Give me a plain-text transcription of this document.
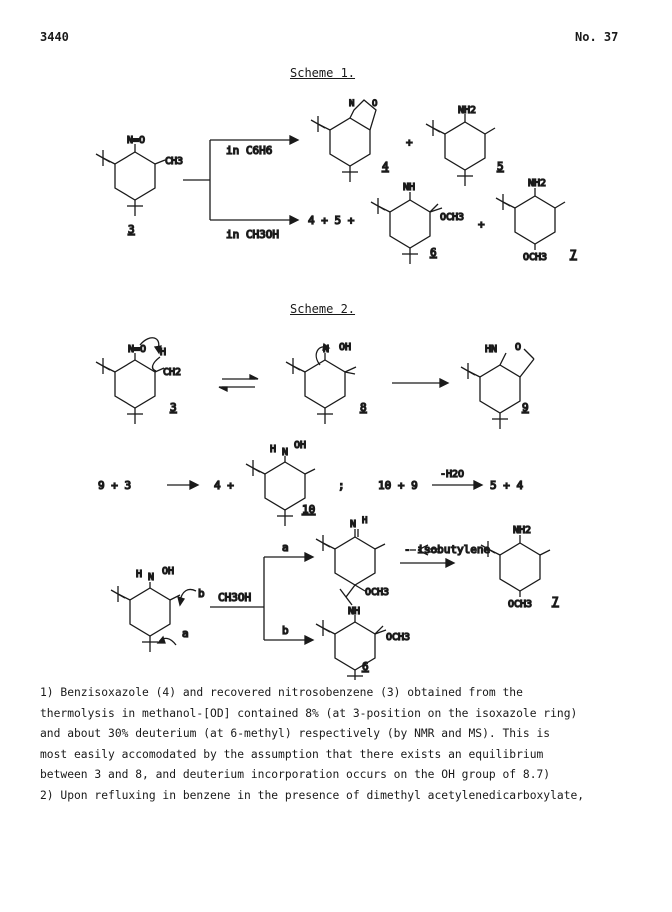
3440	No. 37
Scheme 1.
N=O
CH3
3
in C6H6
in CH3OH
N O
4
+
NH2
5
4 + 5 +
NH
OCH3
6
+
NH2
OCH3 7
Scheme 2.
N=O H
CH2
3
N OH
8
HN O
9
9 + 3	4 +
H N
OH
10
;	10 + 9
-H2O
5 + 4
H N
OH
b
a
CH3OH
a
b
N H
OCH3
- isobutylene
NH2
OCH3 7
NH
OCH3
6

1) Benzisoxazole (4) and recovered nitrosobenzene (3) obtained from the

thermolysis in methanol-[OD] contained 8% (at 3-position on the isoxazole ring)

and about 30% deuterium (at 6-methyl) respectively (by NMR and MS). This is

most easily accomodated by the assumption that there exists an equilibrium

between 3 and 8, and deuterium incorporation occurs on the OH group of 8.7)

2) Upon refluxing in benzene in the presence of dimethyl acetylenedicarboxylate,
